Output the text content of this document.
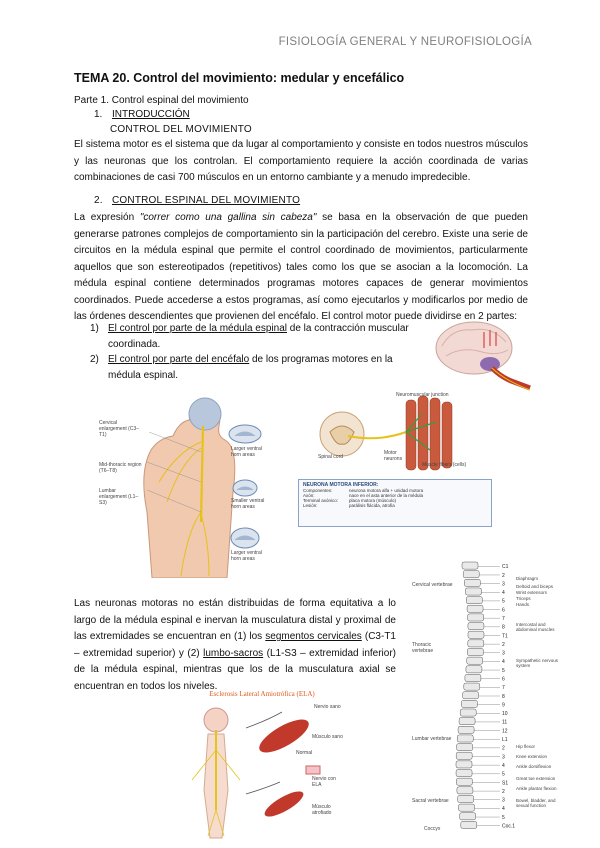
FISIOLOGÍA GENERAL Y NEUROFISIOLOGÍA
TEMA 20. Control del movimiento: medular y encefálico
Parte 1. Control espinal del movimiento
1. INTRODUCCIÓN
CONTROL DEL MOVIMIENTO
El sistema motor es el sistema que da lugar al comportamiento y consiste en todos nuestros músculos y las neuronas que los controlan. El comportamiento requiere la acción coordinada de varias combinaciones de casi 700 músculos en un entorno cambiante y a menudo impredecible.
2. CONTROL ESPINAL DEL MOVIMIENTO
La expresión "correr como una gallina sin cabeza" se basa en la observación de que pueden generarse patrones complejos de comportamiento sin la participación del cerebro. Existe una serie de circuitos en la médula espinal que permite el control coordinado de movimientos, particularmente aquellos que son estereotipados (repetitivos) tales como los que se asocian a la locomoción. La médula espinal contiene determinados programas motores capaces de generar movimientos coordinados. Puede accederse a estos programas, así como ejecutarlos y modificarlos por medio de las órdenes descendientes que provienen del encéfalo. El control motor puede dividirse en 2 partes:
1) El control por parte de la médula espinal de la contracción muscular coordinada.
2) El control por parte del encéfalo de los programas motores en la médula espinal.
Cervical enlargement (C3–T1)
Mid-thoracic region (T6–T8)
Lumbar enlargement (L1–S3)
Larger ventral horn areas
Smaller ventral horn areas
Larger ventral horn areas
Neuromuscular junction
Spinal cord
Motor neurons
Muscle fibers (cells)
NEURONA MOTORA INFERIOR:
Componentes:	neurona motora alfa + unidad motora
Axón:	nace en el asta anterior de la médula
Terminal axónico: placa motora (músculo)
Lesión:	parálisis flácida, atrofia
Las neuronas motoras no están distribuidas de forma equitativa a lo largo de la médula espinal e inervan la musculatura distal y proximal de las extremidades se encuentran en (1) los segmentos cervicales (C3-T1 – extremidad superior) y (2) lumbo-sacros (L1-S3 – extremidad inferior) de la médula espinal, mientras que los de la musculatura axial se encuentran en todos los niveles.
Esclerosis Lateral Amiotrófica (ELA)
Nervio sano
Músculo sano
Normal
Nervio con ELA
Músculo atrofiado
C1
2
3
4
5
6
7
8
T1
2
3
4
5
6
7
8
9
10
11
12
L1
2
3
4
5
S1
2
3
4
5
Coc.1
Cervical vertebrae
Thoracic vertebrae
Lumbar vertebrae
Sacral vertebrae
Coccyx
Diaphragm
Deltoid and biceps
Wrist extensors
Triceps
Hands
Intercostal and abdominal muscles
Sympathetic nervous system
Hip flexor
Knee extension
Ankle dorsiflexion
Great toe extension
Ankle plantar flexion
Bowel, bladder, and sexual function
